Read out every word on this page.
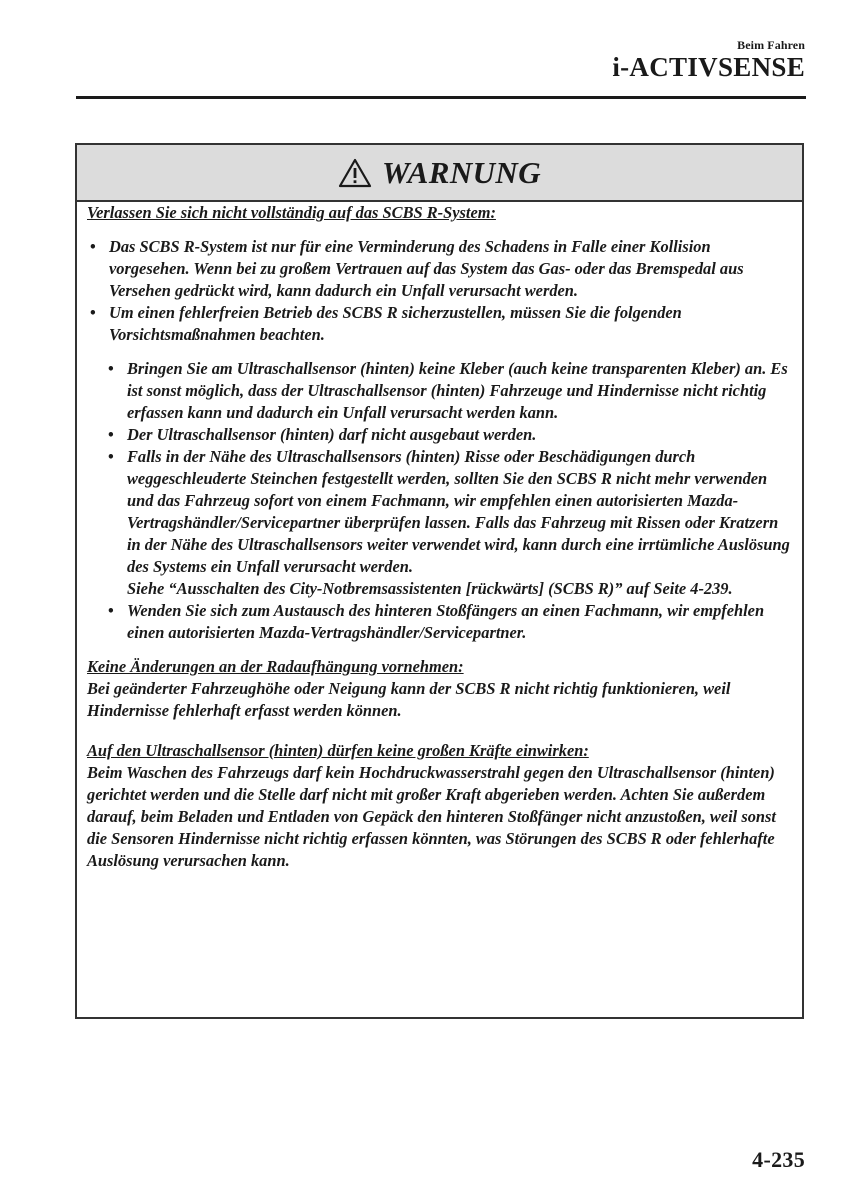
Beim Fahren
i-ACTIVSENSE
WARNUNG

Verlassen Sie sich nicht vollständig auf das SCBS R-System:

• Das SCBS R-System ist nur für eine Verminderung des Schadens in Falle einer Kollision vorgesehen. Wenn bei zu großem Vertrauen auf das System das Gas- oder das Bremspedal aus Versehen gedrückt wird, kann dadurch ein Unfall verursacht werden.
• Um einen fehlerfreien Betrieb des SCBS R sicherzustellen, müssen Sie die folgenden Vorsichtsmaßnahmen beachten.
• Bringen Sie am Ultraschallsensor (hinten) keine Kleber (auch keine transparenten Kleber) an. Es ist sonst möglich, dass der Ultraschallsensor (hinten) Fahrzeuge und Hindernisse nicht richtig erfassen kann und dadurch ein Unfall verursacht werden kann.
• Der Ultraschallsensor (hinten) darf nicht ausgebaut werden.
• Falls in der Nähe des Ultraschallsensors (hinten) Risse oder Beschädigungen durch weggeschleuderte Steinchen festgestellt werden, sollten Sie den SCBS R nicht mehr verwenden und das Fahrzeug sofort von einem Fachmann, wir empfehlen einen autorisierten Mazda-Vertragshändler/Servicepartner überprüfen lassen. Falls das Fahrzeug mit Rissen oder Kratzern in der Nähe des Ultraschallsensors weiter verwendet wird, kann durch eine irrtümliche Auslösung des Systems ein Unfall verursacht werden.
Siehe “Ausschalten des City-Notbremsassistenten [rückwärts] (SCBS R)” auf Seite 4-239.
• Wenden Sie sich zum Austausch des hinteren Stoßfängers an einen Fachmann, wir empfehlen einen autorisierten Mazda-Vertragshändler/Servicepartner.

Keine Änderungen an der Radaufhängung vornehmen:

Bei geänderter Fahrzeughöhe oder Neigung kann der SCBS R nicht richtig funktionieren, weil Hindernisse fehlerhaft erfasst werden können.

Auf den Ultraschallsensor (hinten) dürfen keine großen Kräfte einwirken:

Beim Waschen des Fahrzeugs darf kein Hochdruckwasserstrahl gegen den Ultraschallsensor (hinten) gerichtet werden und die Stelle darf nicht mit großer Kraft abgerieben werden. Achten Sie außerdem darauf, beim Beladen und Entladen von Gepäck den hinteren Stoßfänger nicht anzustoßen, weil sonst die Sensoren Hindernisse nicht richtig erfassen könnten, was Störungen des SCBS R oder fehlerhafte Auslösung verursachen kann.

4-235
